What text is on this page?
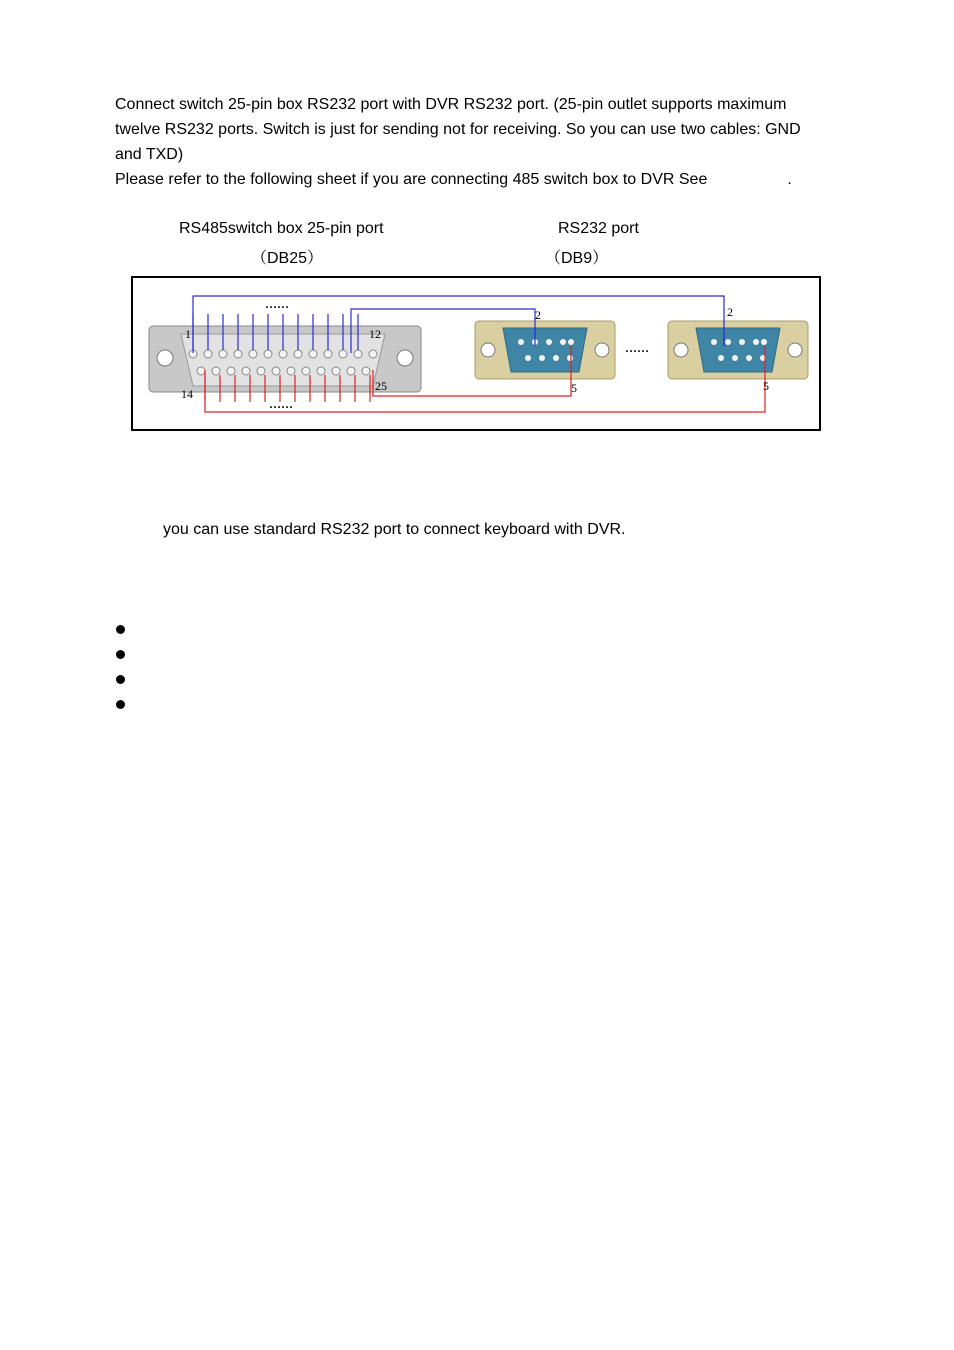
Connect switch 25-pin box RS232 port with DVR RS232 port. (25-pin outlet supports maximum

twelve RS232 ports. Switch is just for sending not for receiving. So you can use two cables: GND

and TXD)

Please refer to the following sheet if you are connecting 485 switch box to DVR See	.

RS485switch box 25-pin port
（DB25）
RS232 port
（DB9）
1	12
14
25
2
5
2
5
……
……
……
you can use standard RS232 port to connect keyboard with DVR.
